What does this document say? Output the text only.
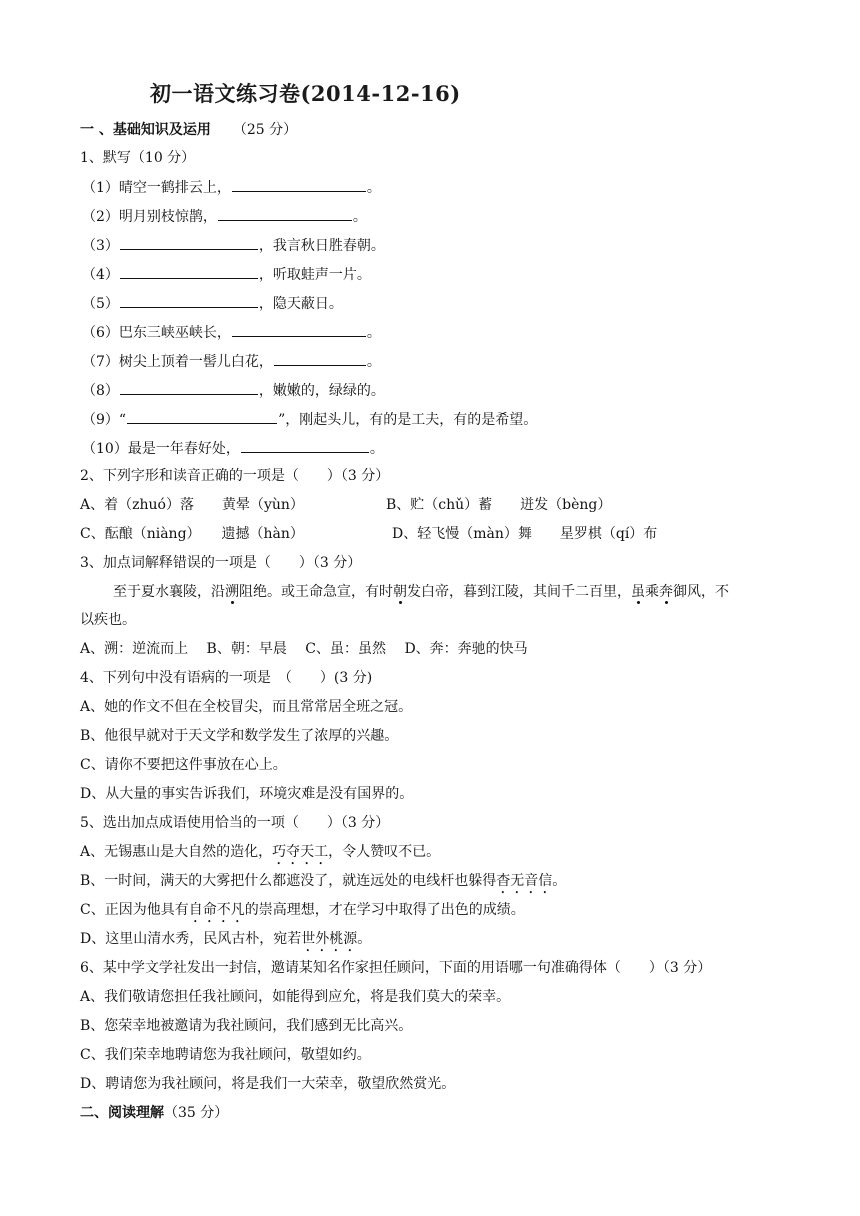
初一语文练习卷(2014-12-16)
一 、基础知识及运用 （25 分）
1、默写（10 分）
（1）晴空一鹤排云上，	。
（2）明月别枝惊鹊，	。
（3）	，我言秋日胜春朝。
（4）	，听取蛙声一片。
（5）	，隐天蔽日。
（6）巴东三峡巫峡长，	。
（7）树尖上顶着一髻儿白花，	。
（8）	，嫩嫩的，绿绿的。
（9）“	”，刚起头儿，有的是工夫，有的是希望。
（10）最是一年春好处，	。
2、下列字形和读音正确的一项是（　　）（3 分）
A、着（zhuó）落　　黄晕（yùn）	B、贮（chǔ）蓄　　迸发（bèng）
C、酝酿（niàng）　　遗撼（hàn）	D、轻飞慢（màn）舞　　星罗棋（qí）布
3、加点词解释错误的一项是（　　）（3 分）
至于夏水襄陵，沿溯阻绝。或王命急宣，有时朝发白帝，暮到江陵，其间千二百里，虽乘奔御风，不
以疾也。
A、溯：逆流而上　 B、朝：早晨　 C、虽：虽然　 D、奔：奔驰的快马
4、下列句中没有语病的一项是　（　　）(3 分)
A、她的作文不但在全校冒尖，而且常常居全班之冠。
B、他很早就对于天文学和数学发生了浓厚的兴趣。
C、请你不要把这件事放在心上。
D、从大量的事实告诉我们，环境灾难是没有国界的。
5、选出加点成语使用恰当的一项（　　）（3 分）
A、无锡惠山是大自然的造化，巧夺天工，令人赞叹不已。
B、一时间，满天的大雾把什么都遮没了，就连远处的电线杆也躲得杳无音信。
C、正因为他具有自命不凡的崇高理想，才在学习中取得了出色的成绩。
D、这里山清水秀，民风古朴，宛若世外桃源。
6、某中学文学社发出一封信，邀请某知名作家担任顾问，下面的用语哪一句准确得体（　　）（3 分）
A、我们敬请您担任我社顾问，如能得到应允，将是我们莫大的荣幸。
B、您荣幸地被邀请为我社顾问，我们感到无比高兴。
C、我们荣幸地聘请您为我社顾问，敬望如约。
D、聘请您为我社顾问，将是我们一大荣幸，敬望欣然赏光。
二、阅读理解（35 分）
